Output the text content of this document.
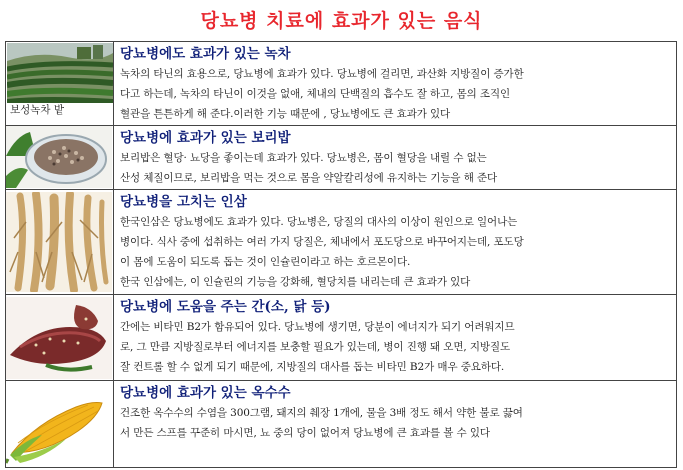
당뇨병 치료에 효과가 있는 음식
보성녹차 밭	당뇨병에도 효과가 있는 녹차
녹차의 타닌의 효용으로, 당뇨병에 효과가 있다. 당뇨병에 걸리면, 과산화 지방질이 증가한
다고 하는데, 녹차의 타닌이 이것을 없애, 체내의 단백질의 흡수도 잘 하고, 몸의 조직인
혈관을 튼튼하게 해 준다.이러한 기능 때문에 , 당뇨병에도 큰 효과가 있다

당뇨병에 효과가 있는 보리밥
보리밥은 혈당· 뇨당을 좋이는데 효과가 있다. 당뇨병은, 몸이 혈당을 내릴 수 없는
산성 체질이므로, 보리밥을 먹는 것으로 몸을 약알칼리성에 유지하는 기능을 해 준다

당뇨병을 고치는 인삼
한국인삼은 당뇨병에도 효과가 있다. 당뇨병은, 당질의 대사의 이상이 원인으로 일어나는
병이다. 식사 중에 섭취하는 여러 가지 당질은, 체내에서 포도당으로 바꾸어지는데, 포도당
이 몸에 도움이 되도록 돕는 것이 인슐린이라고 하는 호르몬이다.
한국 인삼에는, 이 인슐린의 기능을 강화해, 혈당치를 내리는데 큰 효과가 있다

당뇨병에 도움을 주는 간(소, 닭 등)
간에는 비타민 B2가 함유되어 있다. 당뇨병에 생기면, 당분이 에너지가 되기 어려워지므
로, 그 만큼 지방질로부터 에너지를 보충할 필요가 있는데, 병이 진행 돼 오면, 지방질도
잘 컨트롤 할 수 없게 되기 때문에, 지방질의 대사를 돕는 비타민 B2가 매우 중요하다.

당뇨병에 효과가 있는 옥수수
건조한 옥수수의 수염을 300그램, 돼지의 췌장 1개에, 물을 3배 정도 해서 약한 불로 끓여
서 만든 스프를 꾸준히 마시면, 뇨 중의 당이 없어져 당뇨병에 큰 효과를 볼 수 있다
